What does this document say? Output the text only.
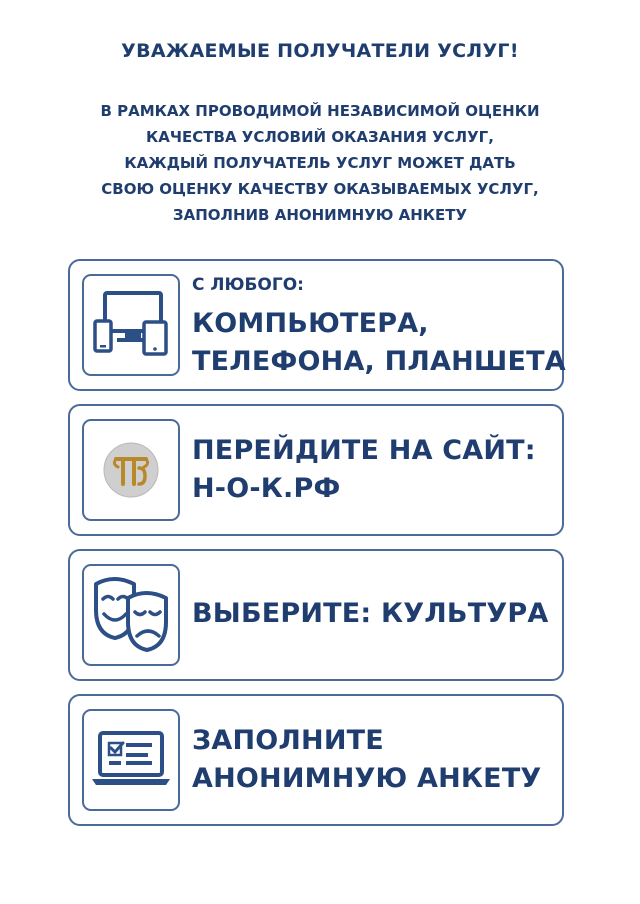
УВАЖАЕМЫЕ ПОЛУЧАТЕЛИ УСЛУГ!
В РАМКАХ ПРОВОДИМОЙ НЕЗАВИСИМОЙ ОЦЕНКИ
КАЧЕСТВА УСЛОВИЙ ОКАЗАНИЯ УСЛУГ,
КАЖДЫЙ ПОЛУЧАТЕЛЬ УСЛУГ МОЖЕТ ДАТЬ
СВОЮ ОЦЕНКУ КАЧЕСТВУ ОКАЗЫВАЕМЫХ УСЛУГ,
ЗАПОЛНИВ АНОНИМНУЮ АНКЕТУ
С ЛЮБОГО:
КОМПЬЮТЕРА,
ТЕЛЕФОНА, ПЛАНШЕТА
ПЕРЕЙДИТЕ НА САЙТ:
Н-О-К.РФ
ВЫБЕРИТЕ: КУЛЬТУРА
ЗАПОЛНИТЕ
АНОНИМНУЮ АНКЕТУ
